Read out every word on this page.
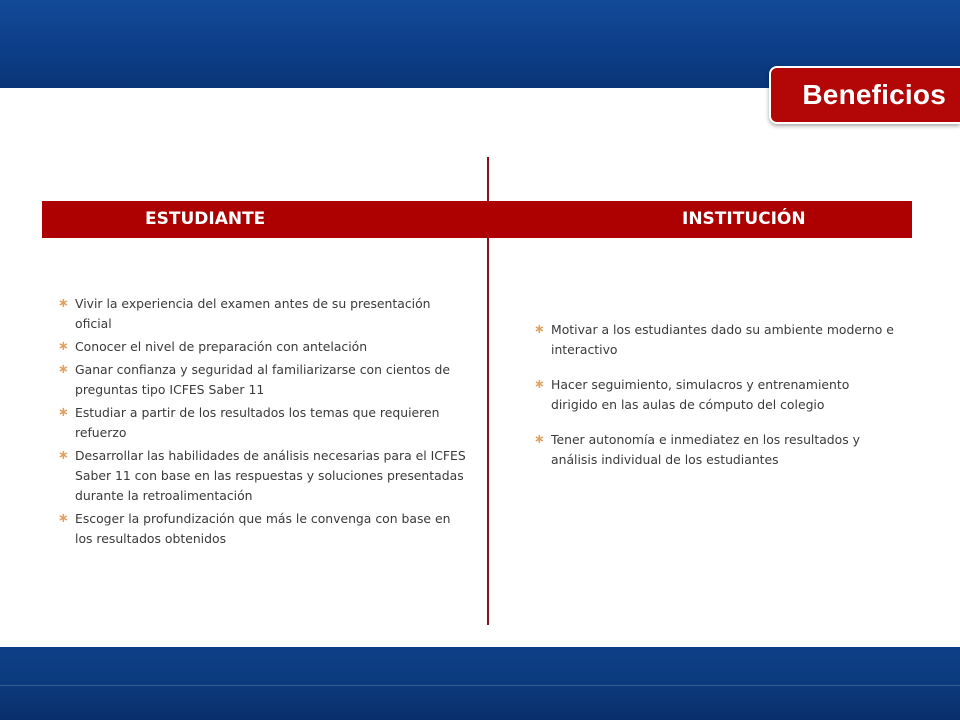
Beneficios
ESTUDIANTE	INSTITUCIÓN
∗ Vivir la experiencia del examen antes de su presentación oficial
∗ Conocer el nivel de preparación con antelación
∗ Ganar confianza y seguridad al familiarizarse con cientos de preguntas tipo ICFES Saber 11
∗ Estudiar a partir de los resultados los temas que requieren refuerzo
∗ Desarrollar las habilidades de análisis necesarias para el ICFES Saber 11 con base en las respuestas y soluciones presentadas durante la retroalimentación
∗ Escoger la profundización que más le convenga con base en los resultados obtenidos
∗ Motivar a los estudiantes dado su ambiente moderno e interactivo
∗ Hacer seguimiento, simulacros y entrenamiento dirigido en las aulas de cómputo del colegio
∗ Tener autonomía e inmediatez en los resultados y análisis individual de los estudiantes
